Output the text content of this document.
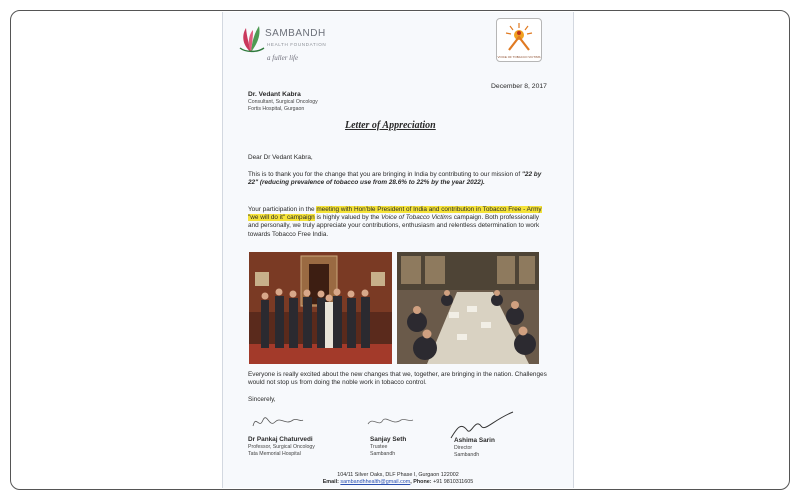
SAMBANDH
HEALTH FOUNDATION
a fuller life	VOICE OF TOBACCO VICTIMS
December 8, 2017
Dr. Vedant Kabra
Consultant, Surgical Oncology
Fortis Hospital, Gurgaon
Letter of Appreciation
Dear Dr Vedant Kabra,
This is to thank you for the change that you are bringing in India by contributing to our mission of "22 by 22" (reducing prevalence of tobacco use from 28.6% to 22% by the year 2022).
Your participation in the meeting with Hon'ble President of India and contribution in Tobacco Free - Army "we will do it" campaign is highly valued by the Voice of Tobacco Victims campaign. Both professionally and personally, we truly appreciate your contributions, enthusiasm and relentless determination to work towards Tobacco Free India.
Everyone is really excited about the new changes that we, together, are bringing in the nation. Challenges would not stop us from doing the noble work in tobacco control.
Sincerely,
Dr Pankaj Chaturvedi
Professor, Surgical Oncology
Tata Memorial Hospital
Sanjay Seth
Trustee
Sambandh
Ashima Sarin
Director
Sambandh
104/11 Silver Oaks, DLF Phase I, Gurgaon 122002
Email: sambandhhealth@gmail.com, Phone: +91 9810311605
